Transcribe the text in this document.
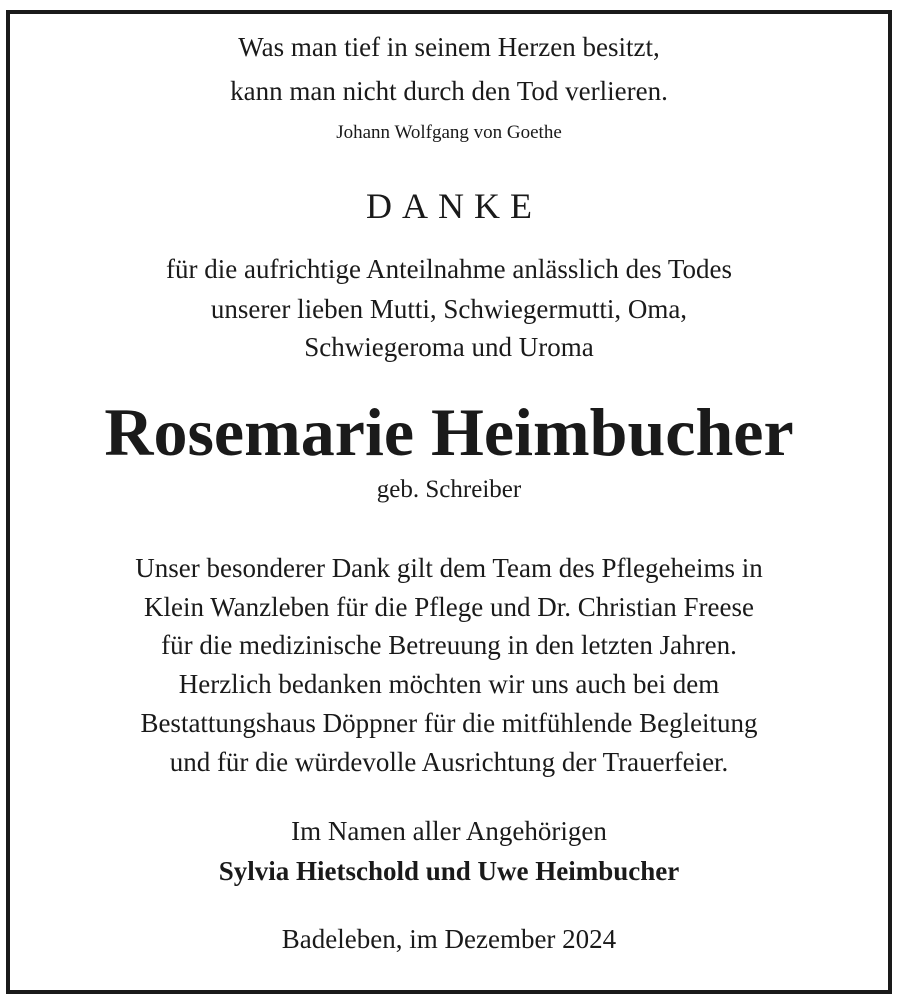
Was man tief in seinem Herzen besitzt,
kann man nicht durch den Tod verlieren.
Johann Wolfgang von Goethe
DANKE
für die aufrichtige Anteilnahme anlässlich des Todes
unserer lieben Mutti, Schwiegermutti, Oma,
Schwiegeroma und Uroma
Rosemarie Heimbucher
geb. Schreiber
Unser besonderer Dank gilt dem Team des Pflegeheims in
Klein Wanzleben für die Pflege und Dr. Christian Freese
für die medizinische Betreuung in den letzten Jahren.
Herzlich bedanken möchten wir uns auch bei dem
Bestattungshaus Döppner für die mitfühlende Begleitung
und für die würdevolle Ausrichtung der Trauerfeier.
Im Namen aller Angehörigen
Sylvia Hietschold und Uwe Heimbucher
Badeleben, im Dezember 2024
